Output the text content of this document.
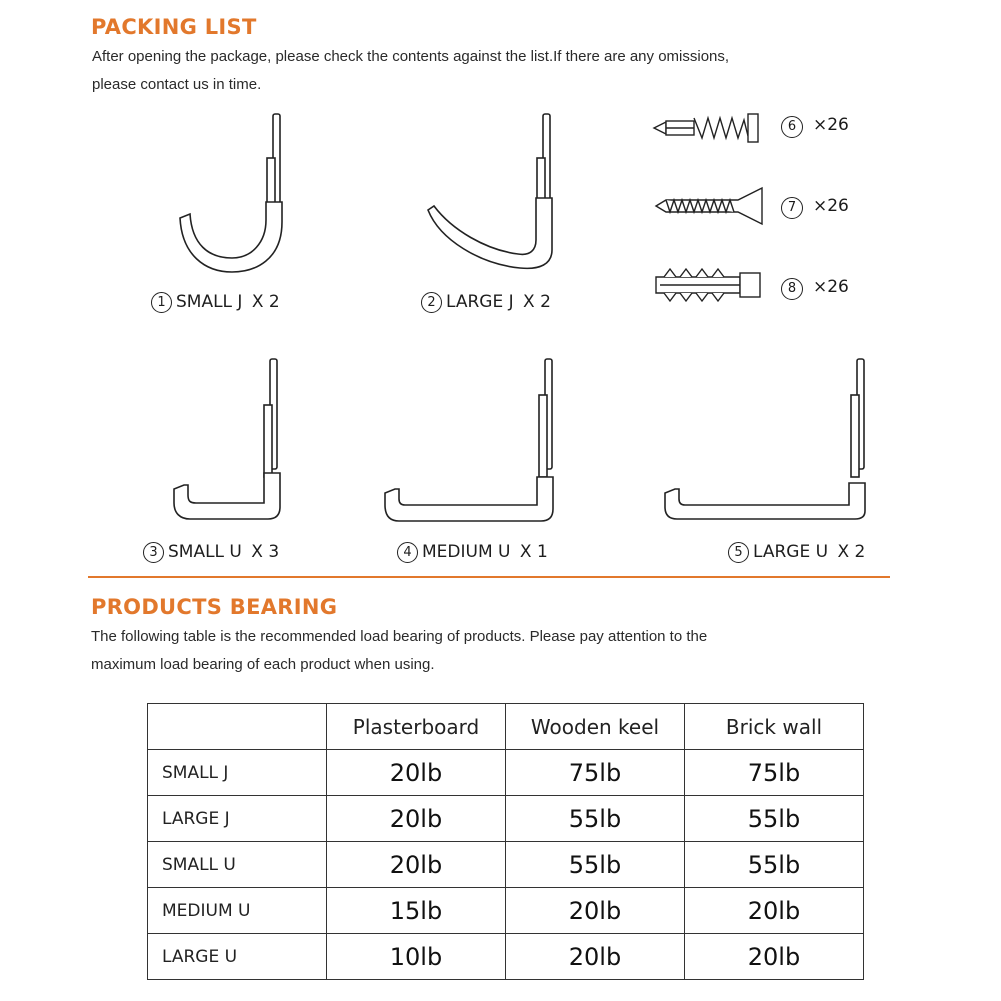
PACKING LIST
After opening the package, please check the contents against the list.If there are any omissions,
please contact us in time.
1 SMALL J X 2	2 LARGE J X 2
6 ×26
7 ×26
8 ×26
3 SMALL U X 3	4 MEDIUM U X 1	5 LARGE U X 2
PRODUCTS BEARING
The following table is the recommended load bearing of products. Please pay attention to the
maximum load bearing of each product when using.
	Plasterboard	Wooden keel	Brick wall
SMALL J	20lb	75lb	75lb
LARGE J	20lb	55lb	55lb
SMALL U	20lb	55lb	55lb
MEDIUM U	15lb	20lb	20lb
LARGE U	10lb	20lb	20lb
